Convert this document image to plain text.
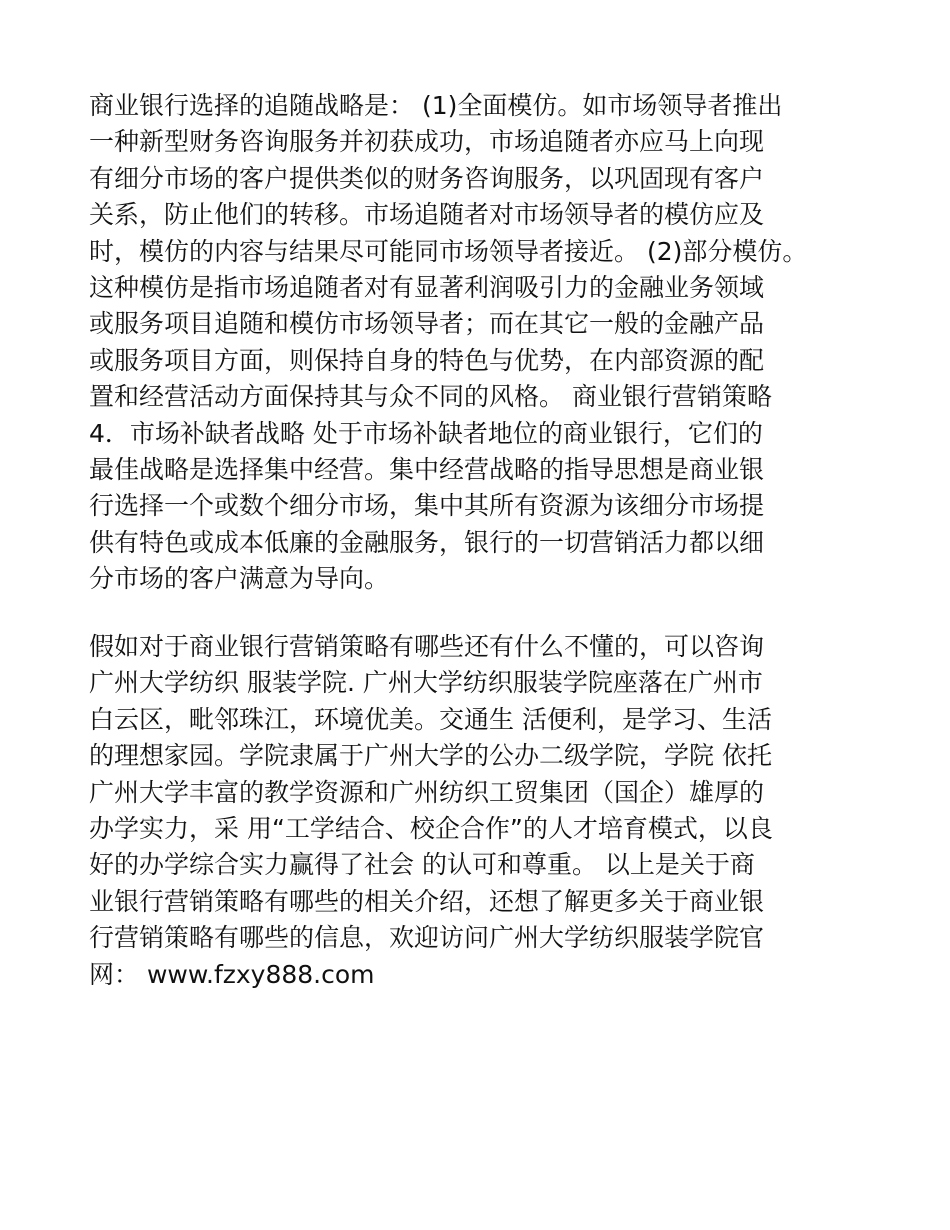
商业银行选择的追随战略是： (1)全面模仿。如市场领导者推出
一种新型财务咨询服务并初获成功，市场追随者亦应马上向现
有细分市场的客户提供类似的财务咨询服务，以巩固现有客户
关系，防止他们的转移。市场追随者对市场领导者的模仿应及
时，模仿的内容与结果尽可能同市场领导者接近。 (2)部分模仿。
这种模仿是指市场追随者对有显著利润吸引力的金融业务领域
或服务项目追随和模仿市场领导者；而在其它一般的金融产品
或服务项目方面，则保持自身的特色与优势，在内部资源的配
置和经营活动方面保持其与众不同的风格。 商业银行营销策略
4．市场补缺者战略 处于市场补缺者地位的商业银行，它们的
最佳战略是选择集中经营。集中经营战略的指导思想是商业银
行选择一个或数个细分市场，集中其所有资源为该细分市场提
供有特色或成本低廉的金融服务，银行的一切营销活力都以细
分市场的客户满意为导向。
假如对于商业银行营销策略有哪些还有什么不懂的，可以咨询
广州大学纺织 服装学院. 广州大学纺织服装学院座落在广州市
白云区，毗邻珠江，环境优美。交通生 活便利，是学习、生活
的理想家园。学院隶属于广州大学的公办二级学院，学院 依托
广州大学丰富的教学资源和广州纺织工贸集团（国企）雄厚的
办学实力，采 用“工学结合、校企合作”的人才培育模式，以良
好的办学综合实力赢得了社会 的认可和尊重。 以上是关于商
业银行营销策略有哪些的相关介绍，还想了解更多关于商业银
行营销策略有哪些的信息，欢迎访问广州大学纺织服装学院官
网： www.fzxy888.com
